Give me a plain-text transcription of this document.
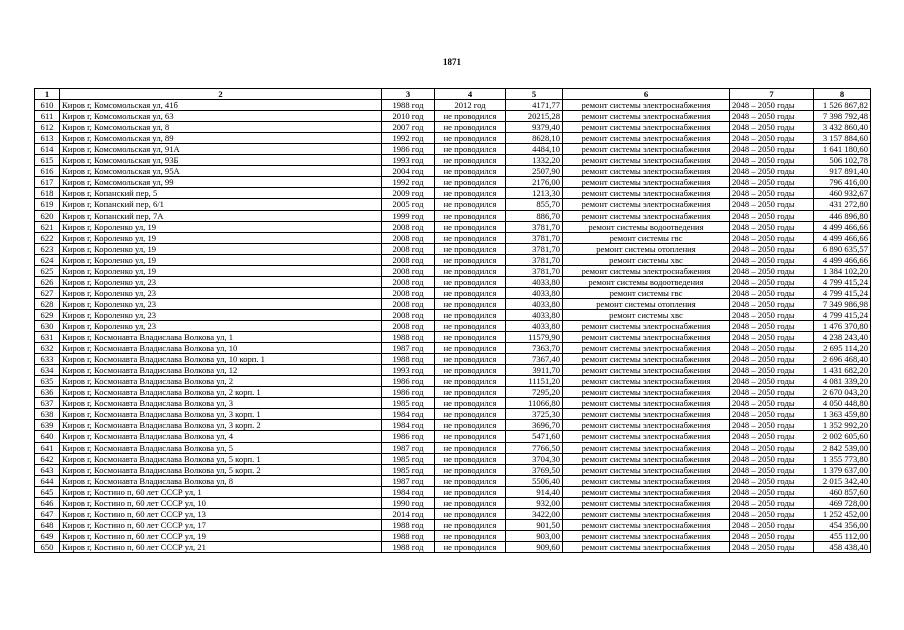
1871
1	2	3	4	5	6	7	8
610	Киров г, Комсомольская ул, 41б	1988 год	2012 год	4171,77	ремонт системы электроснабжения	2048 – 2050 годы	1 526 867,82
611	Киров г, Комсомольская ул, 63	2010 год	не проводился	20215,28	ремонт системы электроснабжения	2048 – 2050 годы	7 398 792,48
612	Киров г, Комсомольская ул, 8	2007 год	не проводился	9379,40	ремонт системы электроснабжения	2048 – 2050 годы	3 432 860,40
613	Киров г, Комсомольская ул, 89	1992 год	не проводился	8628,10	ремонт системы электроснабжения	2048 – 2050 годы	3 157 884,60
614	Киров г, Комсомольская ул, 91А	1986 год	не проводился	4484,10	ремонт системы электроснабжения	2048 – 2050 годы	1 641 180,60
615	Киров г, Комсомольская ул, 93Б	1993 год	не проводился	1332,20	ремонт системы электроснабжения	2048 – 2050 годы	506 102,78
616	Киров г, Комсомольская ул, 95А	2004 год	не проводился	2507,90	ремонт системы электроснабжения	2048 – 2050 годы	917 891,40
617	Киров г, Комсомольская ул, 99	1992 год	не проводился	2176,00	ремонт системы электроснабжения	2048 – 2050 годы	796 416,00
618	Киров г, Копанский пер, 5	2009 год	не проводился	1213,30	ремонт системы электроснабжения	2048 – 2050 годы	460 932,67
619	Киров г, Копанский пер, 6/1	2005 год	не проводился	855,70	ремонт системы электроснабжения	2048 – 2050 годы	431 272,80
620	Киров г, Копанский пер, 7А	1999 год	не проводился	886,70	ремонт системы электроснабжения	2048 – 2050 годы	446 896,80
621	Киров г, Короленко ул, 19	2008 год	не проводился	3781,70	ремонт системы водоотведения	2048 – 2050 годы	4 499 466,66
622	Киров г, Короленко ул, 19	2008 год	не проводился	3781,70	ремонт системы гвс	2048 – 2050 годы	4 499 466,66
623	Киров г, Короленко ул, 19	2008 год	не проводился	3781,70	ремонт системы отопления	2048 – 2050 годы	6 890 635,57
624	Киров г, Короленко ул, 19	2008 год	не проводился	3781,70	ремонт системы хвс	2048 – 2050 годы	4 499 466,66
625	Киров г, Короленко ул, 19	2008 год	не проводился	3781,70	ремонт системы электроснабжения	2048 – 2050 годы	1 384 102,20
626	Киров г, Короленко ул, 23	2008 год	не проводился	4033,80	ремонт системы водоотведения	2048 – 2050 годы	4 799 415,24
627	Киров г, Короленко ул, 23	2008 год	не проводился	4033,80	ремонт системы гвс	2048 – 2050 годы	4 799 415,24
628	Киров г, Короленко ул, 23	2008 год	не проводился	4033,80	ремонт системы отопления	2048 – 2050 годы	7 349 986,98
629	Киров г, Короленко ул, 23	2008 год	не проводился	4033,80	ремонт системы хвс	2048 – 2050 годы	4 799 415,24
630	Киров г, Короленко ул, 23	2008 год	не проводился	4033,80	ремонт системы электроснабжения	2048 – 2050 годы	1 476 370,80
631	Киров г, Космонавта Владислава Волкова ул, 1	1988 год	не проводился	11579,90	ремонт системы электроснабжения	2048 – 2050 годы	4 238 243,40
632	Киров г, Космонавта Владислава Волкова ул, 10	1987 год	не проводился	7363,70	ремонт системы электроснабжения	2048 – 2050 годы	2 695 114,20
633	Киров г, Космонавта Владислава Волкова ул, 10 корп. 1	1988 год	не проводился	7367,40	ремонт системы электроснабжения	2048 – 2050 годы	2 696 468,40
634	Киров г, Космонавта Владислава Волкова ул, 12	1993 год	не проводился	3911,70	ремонт системы электроснабжения	2048 – 2050 годы	1 431 682,20
635	Киров г, Космонавта Владислава Волкова ул, 2	1986 год	не проводился	11151,20	ремонт системы электроснабжения	2048 – 2050 годы	4 081 339,20
636	Киров г, Космонавта Владислава Волкова ул, 2 корп. 1	1986 год	не проводился	7295,20	ремонт системы электроснабжения	2048 – 2050 годы	2 670 043,20
637	Киров г, Космонавта Владислава Волкова ул, 3	1985 год	не проводился	11066,80	ремонт системы электроснабжения	2048 – 2050 годы	4 050 448,80
638	Киров г, Космонавта Владислава Волкова ул, 3 корп. 1	1984 год	не проводился	3725,30	ремонт системы электроснабжения	2048 – 2050 годы	1 363 459,80
639	Киров г, Космонавта Владислава Волкова ул, 3 корп. 2	1984 год	не проводился	3696,70	ремонт системы электроснабжения	2048 – 2050 годы	1 352 992,20
640	Киров г, Космонавта Владислава Волкова ул, 4	1986 год	не проводился	5471,60	ремонт системы электроснабжения	2048 – 2050 годы	2 002 605,60
641	Киров г, Космонавта Владислава Волкова ул, 5	1987 год	не проводился	7766,50	ремонт системы электроснабжения	2048 – 2050 годы	2 842 539,00
642	Киров г, Космонавта Владислава Волкова ул, 5 корп. 1	1985 год	не проводился	3704,30	ремонт системы электроснабжения	2048 – 2050 годы	1 355 773,80
643	Киров г, Космонавта Владислава Волкова ул, 5 корп. 2	1985 год	не проводился	3769,50	ремонт системы электроснабжения	2048 – 2050 годы	1 379 637,00
644	Киров г, Космонавта Владислава Волкова ул, 8	1987 год	не проводился	5506,40	ремонт системы электроснабжения	2048 – 2050 годы	2 015 342,40
645	Киров г, Костино п, 60 лет СССР ул, 1	1984 год	не проводился	914,40	ремонт системы электроснабжения	2048 – 2050 годы	460 857,60
646	Киров г, Костино п, 60 лет СССР ул, 10	1990 год	не проводился	932,00	ремонт системы электроснабжения	2048 – 2050 годы	469 728,00
647	Киров г, Костино п, 60 лет СССР ул, 13	2014 год	не проводился	3422,00	ремонт системы электроснабжения	2048 – 2050 годы	1 252 452,00
648	Киров г, Костино п, 60 лет СССР ул, 17	1988 год	не проводился	901,50	ремонт системы электроснабжения	2048 – 2050 годы	454 356,00
649	Киров г, Костино п, 60 лет СССР ул, 19	1988 год	не проводился	903,00	ремонт системы электроснабжения	2048 – 2050 годы	455 112,00
650	Киров г, Костино п, 60 лет СССР ул, 21	1988 год	не проводился	909,60	ремонт системы электроснабжения	2048 – 2050 годы	458 438,40
